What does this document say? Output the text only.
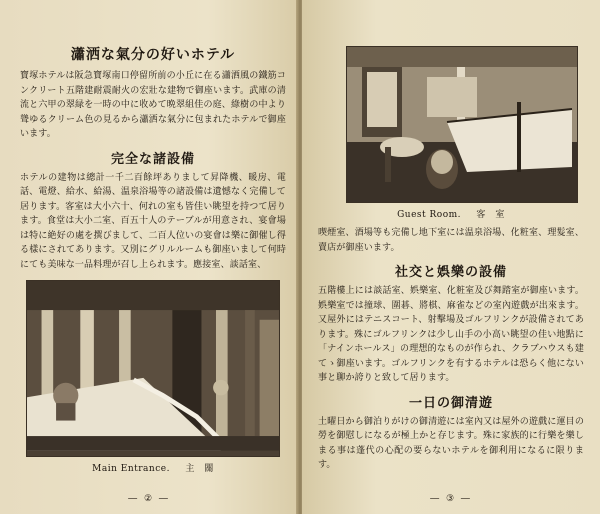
瀟洒な氣分の好いホテル

寶塚ホテルは阪急寶塚南口停留所前の小丘に在る瀟洒風の鐵筋コンクリート五階建耐震耐火の宏壯な建物で御座います。武庫の清流と六甲の翠緑を一時の中に收めて晩翠組佳の庭、綠樹の中より聳ゆるクリーム色の見るから瀟洒な氣分に包まれたホテルで御座います。

完全な諸設備

ホテルの建物は總計一千二百餘坪ありまして昇降機、暖房、電話、電燈、給水、給湯、温泉浴場等の諸設備は遺憾なく完備して居ります。客室は大小六十、何れの室も皆佳い眺望を持つて居ります。食堂は大小二室、百五十人のテーブルが用意され、宴會場は特に絶好の處を撰びまして、二百人位いの宴會は樂に御催し得る樣にされてあります。又別にグリルルームも御座いまして何時にても美味な一品料理が召し上られます。應接室、談話室、

Main Entrance. 主　關
― ② ―
Guest Room. 客　室

喫煙室、酒場等も完備し地下室には温泉浴場、化粧室、理髮室、賣店が御座います。

社交と娯樂の設備

五階樓上には談話室、娯樂室、化粧室及び舞踏室が御座います。娯樂室では撞球、圍碁、將棋、麻雀などの室內遊戲が出來ます。又屋外にはテニスコート、射擊場及ゴルフリンクが設備されてあります。殊にゴルフリンクは少し山手の小高い眺望の佳い地點に「ナインホールス」の理想的なものが作られ、クラブハウスも建てゝ御座います。ゴルフリンクを有するホテルは恐らく他にない事と聊か誇りと致して居ります。

一日の御清遊

土曜日から御泊りがけの御清遊には室內又は屋外の遊戲に運目の勞を御慰しになるが極上かと存じます。殊に家族的に行樂を樂しまる事は蓬代の心配の要らないホテルを御利用になるに限ります。

― ③ ―
